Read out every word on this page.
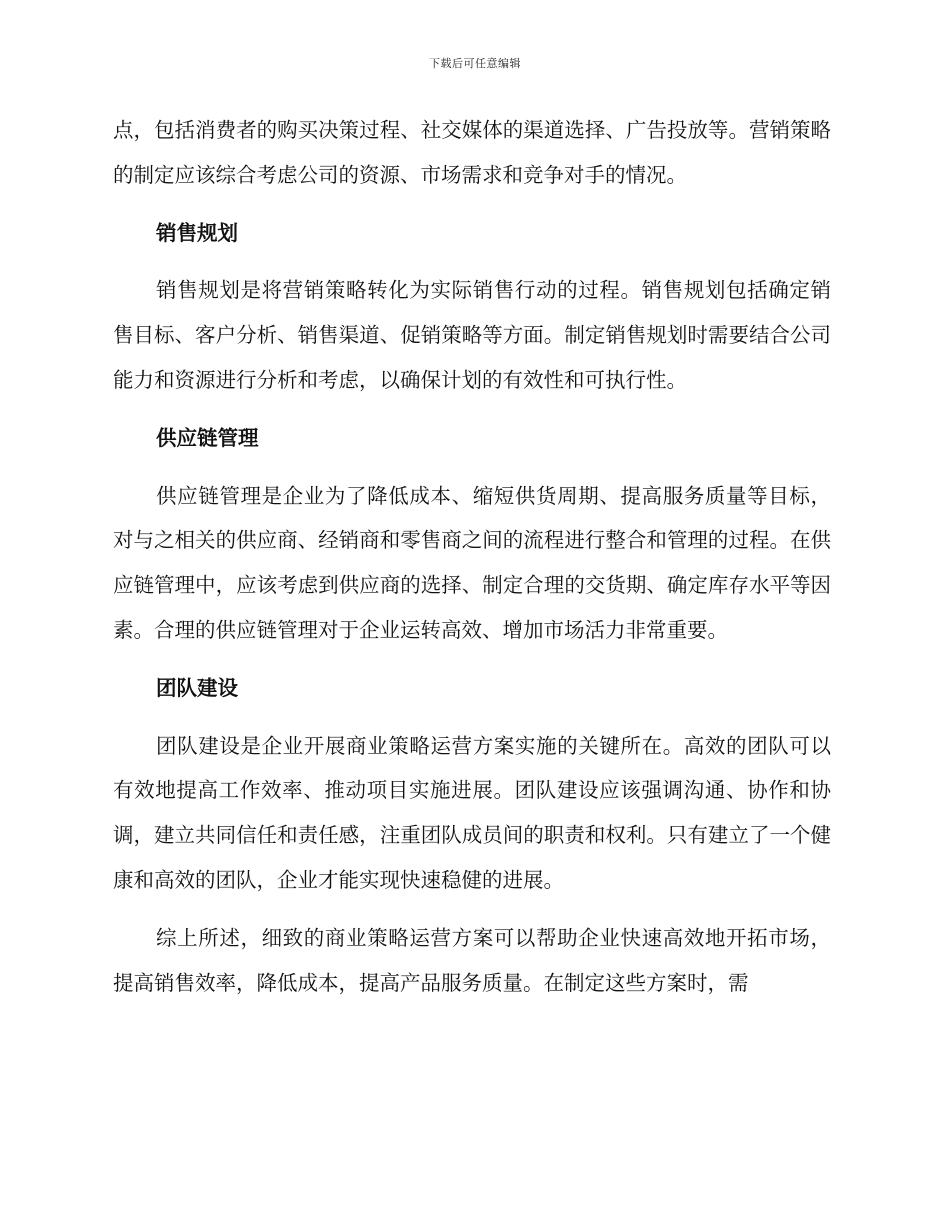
下载后可任意编辑

点，包括消费者的购买决策过程、社交媒体的渠道选择、广告投放等。营销策略的制定应该综合考虑公司的资源、市场需求和竞争对手的情况。

销售规划

销售规划是将营销策略转化为实际销售行动的过程。销售规划包括确定销售目标、客户分析、销售渠道、促销策略等方面。制定销售规划时需要结合公司能力和资源进行分析和考虑，以确保计划的有效性和可执行性。

供应链管理

供应链管理是企业为了降低成本、缩短供货周期、提高服务质量等目标，对与之相关的供应商、经销商和零售商之间的流程进行整合和管理的过程。在供应链管理中，应该考虑到供应商的选择、制定合理的交货期、确定库存水平等因素。合理的供应链管理对于企业运转高效、增加市场活力非常重要。

团队建设

团队建设是企业开展商业策略运营方案实施的关键所在。高效的团队可以有效地提高工作效率、推动项目实施进展。团队建设应该强调沟通、协作和协调，建立共同信任和责任感，注重团队成员间的职责和权利。只有建立了一个健康和高效的团队，企业才能实现快速稳健的进展。

综上所述，细致的商业策略运营方案可以帮助企业快速高效地开拓市场，提高销售效率，降低成本，提高产品服务质量。在制定这些方案时，需
